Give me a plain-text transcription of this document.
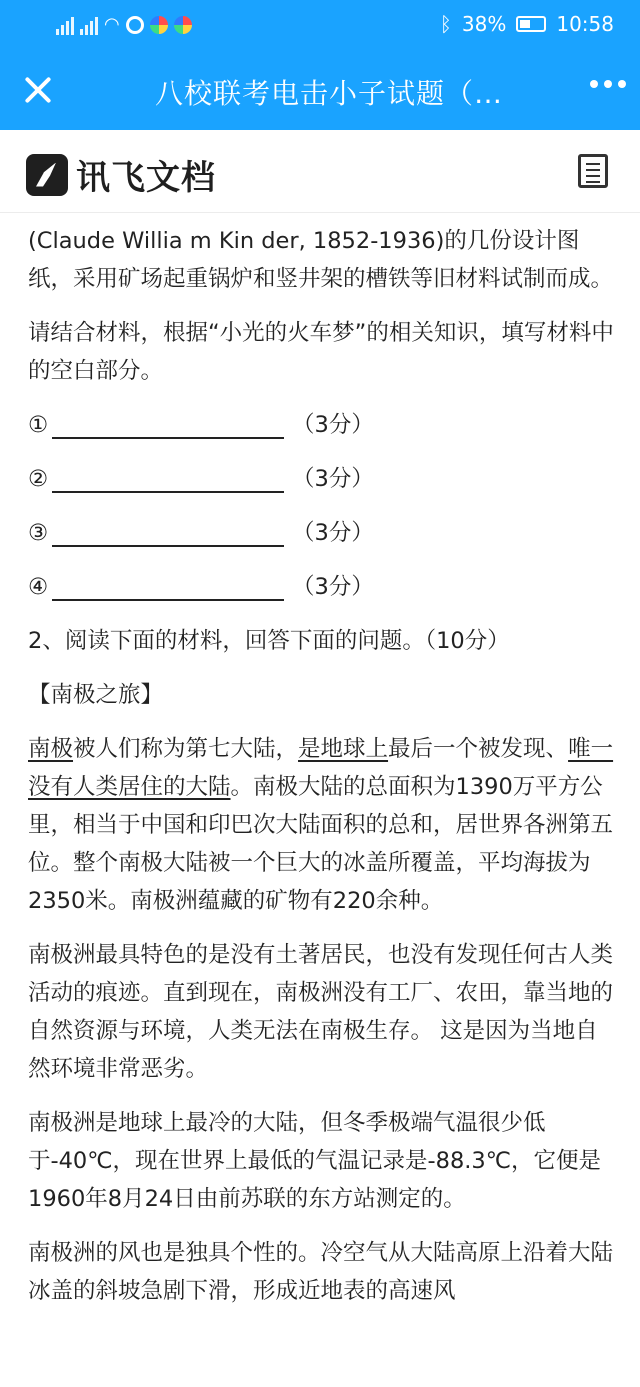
◠	ᛒ 38%	10:58
八校联考电击小子试题（…
讯飞文档

(Claude Willia m Kin der, 1852-1936)的几份设计图纸，采用矿场起重锅炉和竖井架的槽铁等旧材料试制而成。

请结合材料，根据“小光的火车梦”的相关知识，填写材料中的空白部分。

①	（3分）
②	（3分）
③	（3分）
④	（3分）

2、阅读下面的材料，回答下面的问题。（10分）

【南极之旅】

南极被人们称为第七大陆，是地球上最后一个被发现、唯一没有人类居住的大陆。南极大陆的总面积为1390万平方公里，相当于中国和印巴次大陆面积的总和，居世界各洲第五位。整个南极大陆被一个巨大的冰盖所覆盖，平均海拔为2350米。南极洲蕴藏的矿物有220余种。

南极洲最具特色的是没有土著居民，也没有发现任何古人类活动的痕迹。直到现在，南极洲没有工厂、农田，靠当地的自然资源与环境，人类无法在南极生存。 这是因为当地自然环境非常恶劣。

南极洲是地球上最冷的大陆，但冬季极端气温很少低于-40℃，现在世界上最低的气温记录是-88.3℃，它便是1960年8月24日由前苏联的东方站测定的。

南极洲的风也是独具个性的。冷空气从大陆高原上沿着大陆冰盖的斜坡急剧下滑，形成近地表的高速风
